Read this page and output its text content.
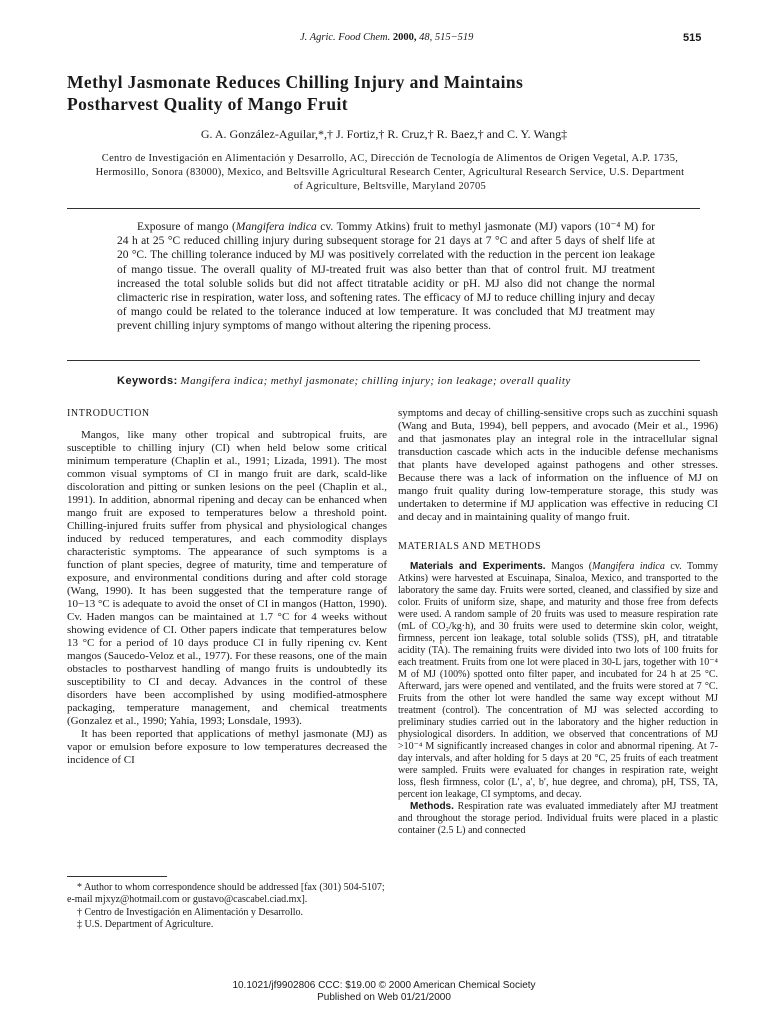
J. Agric. Food Chem. 2000, 48, 515−519	515
Methyl Jasmonate Reduces Chilling Injury and Maintains
Postharvest Quality of Mango Fruit
G. A. González-Aguilar,*,† J. Fortiz,† R. Cruz,† R. Baez,† and C. Y. Wang‡
Centro de Investigación en Alimentación y Desarrollo, AC, Dirección de Tecnología de Alimentos de Origen Vegetal, A.P. 1735, Hermosillo, Sonora (83000), Mexico, and Beltsville Agricultural Research Center, Agricultural Research Service, U.S. Department of Agriculture, Beltsville, Maryland 20705
Exposure of mango (Mangifera indica cv. Tommy Atkins) fruit to methyl jasmonate (MJ) vapors (10⁻⁴ M) for 24 h at 25 °C reduced chilling injury during subsequent storage for 21 days at 7 °C and after 5 days of shelf life at 20 °C. The chilling tolerance induced by MJ was positively correlated with the reduction in the percent ion leakage of mango tissue. The overall quality of MJ-treated fruit was also better than that of control fruit. MJ treatment increased the total soluble solids but did not affect titratable acidity or pH. MJ also did not change the normal climacteric rise in respiration, water loss, and softening rates. The efficacy of MJ to reduce chilling injury and decay of mango could be related to the tolerance induced at low temperature. It was concluded that MJ treatment may prevent chilling injury symptoms of mango without altering the ripening process.
Keywords: Mangifera indica; methyl jasmonate; chilling injury; ion leakage; overall quality

INTRODUCTION

Mangos, like many other tropical and subtropical fruits, are susceptible to chilling injury (CI) when held below some critical minimum temperature (Chaplin et al., 1991; Lizada, 1991). The most common visual symptoms of CI in mango fruit are dark, scald-like discoloration and pitting or sunken lesions on the peel (Chaplin et al., 1991). In addition, abnormal ripening and decay can be enhanced when mango fruit are exposed to temperatures below a threshold point. Chilling-injured fruits suffer from physical and physiological changes induced by reduced temperatures, and each commodity displays characteristic symptoms. The appearance of such symptoms is a function of plant species, degree of maturity, time and temperature of exposure, and environmental conditions during and after cold storage (Wang, 1990). It has been suggested that the temperature range of 10−13 °C is adequate to avoid the onset of CI in mangos (Hatton, 1990). Cv. Haden mangos can be maintained at 1.7 °C for 4 weeks without showing evidence of CI. Other papers indicate that temperatures below 13 °C for a period of 10 days produce CI in fully ripening cv. Kent mangos (Saucedo-Veloz et al., 1977). For these reasons, one of the main obstacles to postharvest handling of mango fruits is undoubtedly its susceptibility to CI and decay. Advances in the control of these disorders have been accomplished by using modified-atmosphere packaging, temperature management, and chemical treatments (Gonzalez et al., 1990; Yahia, 1993; Lonsdale, 1993).

It has been reported that applications of methyl jasmonate (MJ) as vapor or emulsion before exposure to low temperatures decreased the incidence of CI

symptoms and decay of chilling-sensitive crops such as zucchini squash (Wang and Buta, 1994), bell peppers, and avocado (Meir et al., 1996) and that jasmonates play an integral role in the intracellular signal transduction cascade which acts in the inducible defense mechanisms that plants have developed against pathogens and other stresses. Because there was a lack of information on the influence of MJ on mango fruit quality during low-temperature storage, this study was undertaken to determine if MJ application was effective in reducing CI and decay and in maintaining quality of mango fruit.

MATERIALS AND METHODS

Materials and Experiments. Mangos (Mangifera indica cv. Tommy Atkins) were harvested at Escuinapa, Sinaloa, Mexico, and transported to the laboratory the same day. Fruits were sorted, cleaned, and classified by size and color. Fruits of uniform size, shape, and maturity and those free from defects were used. A random sample of 20 fruits was used to measure respiration rate (mL of CO₂/kg·h), and 30 fruits were used to determine skin color, weight, firmness, percent ion leakage, total soluble solids (TSS), pH, and titratable acidity (TA). The remaining fruits were divided into two lots of 100 fruits for each treatment. Fruits from one lot were placed in 30-L jars, together with 10⁻⁴ M of MJ (100%) spotted onto filter paper, and incubated for 24 h at 25 °C. Afterward, jars were opened and ventilated, and the fruits were stored at 7 °C. Fruits from the other lot were handled the same way except without MJ treatment (control). The concentration of MJ was selected according to preliminary studies carried out in the laboratory and the higher reduction in physiological disorders. In addition, we observed that concentrations of MJ >10⁻⁴ M significantly increased changes in color and abnormal ripening. At 7-day intervals, and after holding for 5 days at 20 °C, 25 fruits of each treatment were sampled. Fruits were evaluated for changes in respiration rate, weight loss, flesh firmness, color (L′, a′, b′, hue degree, and chroma), pH, TSS, TA, percent ion leakage, CI symptoms, and decay.

Methods. Respiration rate was evaluated immediately after MJ treatment and throughout the storage period. Individual fruits were placed in a plastic container (2.5 L) and connected

* Author to whom correspondence should be addressed [fax (301) 504-5107; e-mail mjxyz@hotmail.com or gustavo@cascabel.ciad.mx].

† Centro de Investigación en Alimentación y Desarrollo.

‡ U.S. Department of Agriculture.

10.1021/jf9902806 CCC: $19.00 © 2000 American Chemical Society
Published on Web 01/21/2000
